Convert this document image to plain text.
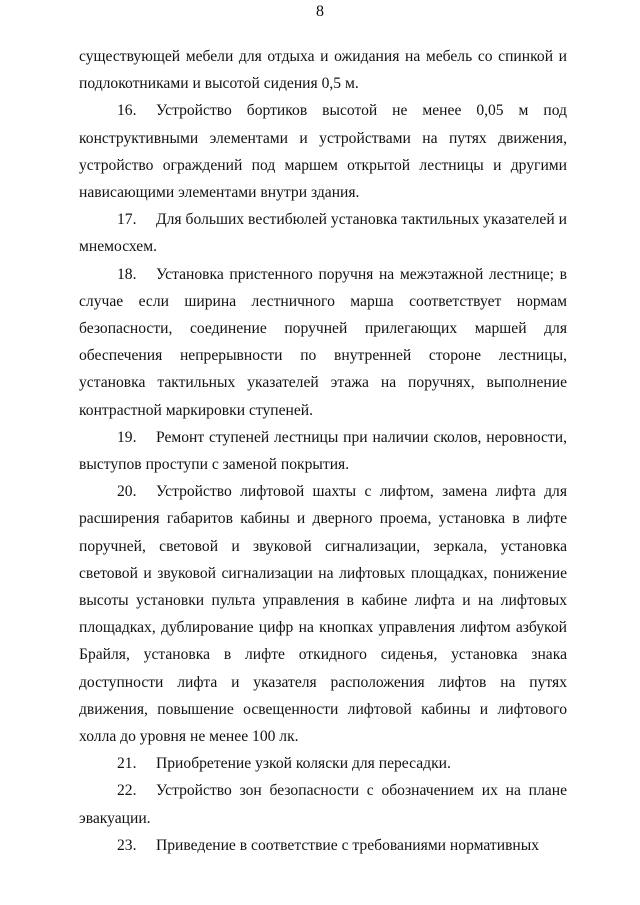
8

существующей мебели для отдыха и ожидания на мебель со спинкой и подлокотниками и высотой сидения 0,5 м.

16. Устройство бортиков высотой не менее 0,05 м под конструктивными элементами и устройствами на путях движения, устройство ограждений под маршем открытой лестницы и другими нависающими элементами внутри здания.

17. Для больших вестибюлей установка тактильных указателей и мнемосхем.

18. Установка пристенного поручня на межэтажной лестнице; в случае если ширина лестничного марша соответствует нормам безопасности, соединение поручней прилегающих маршей для обеспечения непрерывности по внутренней стороне лестницы, установка тактильных указателей этажа на поручнях, выполнение контрастной маркировки ступеней.

19. Ремонт ступеней лестницы при наличии сколов, неровности, выступов проступи с заменой покрытия.

20. Устройство лифтовой шахты с лифтом, замена лифта для расширения габаритов кабины и дверного проема, установка в лифте поручней, световой и звуковой сигнализации, зеркала, установка световой и звуковой сигнализации на лифтовых площадках, понижение высоты установки пульта управления в кабине лифта и на лифтовых площадках, дублирование цифр на кнопках управления лифтом азбукой Брайля, установка в лифте откидного сиденья, установка знака доступности лифта и указателя расположения лифтов на путях движения, повышение освещенности лифтовой кабины и лифтового холла до уровня не менее 100 лк.

21. Приобретение узкой коляски для пересадки.

22. Устройство зон безопасности с обозначением их на плане эвакуации.

23. Приведение в соответствие с требованиями нормативных
